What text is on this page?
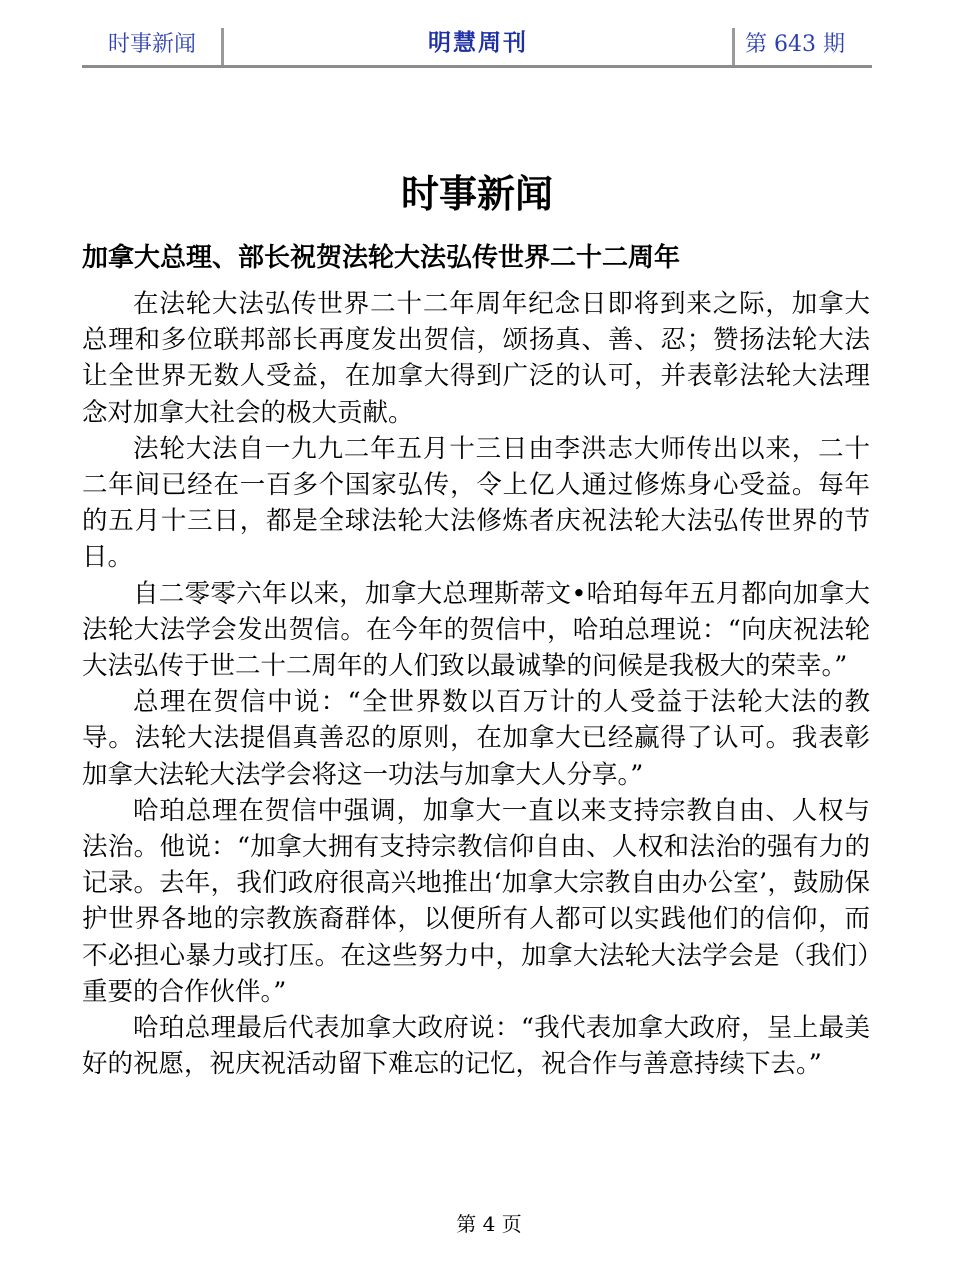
时事新闻	明慧周刊	第 643 期
时事新闻
加拿大总理、部长祝贺法轮大法弘传世界二十二周年

在法轮大法弘传世界二十二年周年纪念日即将到来之际，加拿大总理和多位联邦部长再度发出贺信，颂扬真、善、忍；赞扬法轮大法让全世界无数人受益，在加拿大得到广泛的认可，并表彰法轮大法理念对加拿大社会的极大贡献。

法轮大法自一九九二年五月十三日由李洪志大师传出以来，二十二年间已经在一百多个国家弘传，令上亿人通过修炼身心受益。每年的五月十三日，都是全球法轮大法修炼者庆祝法轮大法弘传世界的节日。

自二零零六年以来，加拿大总理斯蒂文•哈珀每年五月都向加拿大法轮大法学会发出贺信。在今年的贺信中，哈珀总理说：“向庆祝法轮大法弘传于世二十二周年的人们致以最诚挚的问候是我极大的荣幸。”

总理在贺信中说：“全世界数以百万计的人受益于法轮大法的教导。法轮大法提倡真善忍的原则，在加拿大已经赢得了认可。我表彰加拿大法轮大法学会将这一功法与加拿大人分享。”

哈珀总理在贺信中强调，加拿大一直以来支持宗教自由、人权与法治。他说：“加拿大拥有支持宗教信仰自由、人权和法治的强有力的记录。去年，我们政府很高兴地推出‘加拿大宗教自由办公室’，鼓励保护世界各地的宗教族裔群体，以便所有人都可以实践他们的信仰，而不必担心暴力或打压。在这些努力中，加拿大法轮大法学会是（我们）重要的合作伙伴。”

哈珀总理最后代表加拿大政府说：“我代表加拿大政府，呈上最美好的祝愿，祝庆祝活动留下难忘的记忆，祝合作与善意持续下去。”

第 4 页
